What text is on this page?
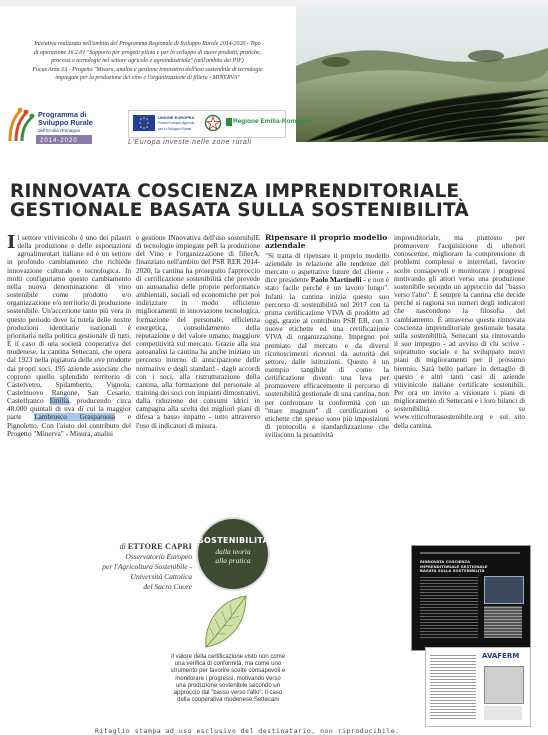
Iniziativa realizzata nell'ambito del Programma Regionale di Sviluppo Rurale 2014-2020 - Tipo
di operazione 16.2.01 "Supporto per progetti pilota e per lo sviluppo di nuovi prodotti, pratiche,
processi e tecnologie nel settore agricolo e agroindustriale" (nell'ambito dei PIF)
Focus Area 3A - Progetto "Misura, analisi e gestione innovativa dell'uso sostenibile di tecnologie
impiegate per la produzione del vino e l'organizzazione di filiera - MINERVA"
Programma di
Sviluppo Rurale
dell'Emilia-Romagna
2014-2020
UNIONE EUROPEA
Fondo Europeo Agricolo per lo Sviluppo Rurale
Regione Emilia-Romagna
L'Europa investe nelle zone rurali
RINNOVATA COSCIENZA IMPRENDITORIALE
GESTIONALE BASATA SULLA SOSTENIBILITÀ

Il settore vitivinicolo è uno dei pilastri della produzione e delle esportazioni agroalimentari italiane ed è un settore in profondo cambiamento che richiede innovazione culturale e tecnologica. In molti configuriamo questo cambiamento nella nuova denominazione di vino sostenibile come prodotto e/o organizzazione e/o territorio di produzione sostenibile. Un'accezione tanto più vera in questo periodo dove la tutela delle nostre produzioni identitarie nazionali è prioritaria nella politica gestionale di tutti. È il caso di una società cooperativa del modenese, la cantina Settecani, che opera dal 1923 nella pigiatura delle uve prodotte dai propri soci. 195 aziende associate che coprono quello splendido territorio di Castelvetro, Spilamberto, Vignola, Castelnuovo Rangone, San Cesario, Castelfranco Emilia, producendo circa 48.000 quintali di uva di cui la maggior parte Lambrusco Grasparossa e Pignoletto. Con l'aiuto del contributo del Progetto "Minerva" - Misura, analisi

e gestione INnovativa dell'uso sostenibilE di tecnologie impiegate peR la produzione del Vino e l'organizzazione di filierA, finanziato nell'ambito del PSR RER 2014-2020, la cantina ha proseguito l'approccio di certificazione sostenibilità che prevede un autoanalisi delle proprie performance ambientali, sociali ed economiche per poi indirizzare in modo efficiente miglioramenti in innovazione tecnologica, formazione del personale, efficienza energetica, consolidamento della reputazione e del valore umano, maggiore competitività sul mercato. Grazie alla sua autoanalisi la cantina ha anche iniziato un percorso interno di anticipazione delle normative e degli standard - dagli accordi con i soci, alla ristrutturazione della cantina, alla formazione del personale al training dei soci con impianti dimostrativi, dalla riduzione dei consumi idrici in campagna alla scelta dei migliori piani di difesa a basso impatto - tutto attraverso l'uso di indicatori di misura.

Ripensare il proprio modello aziendale

"Si tratta di ripensare il proprio modello aziendale in relazione alle tendenze del mercato o aspettative future del cliente - dice presidente Paolo Martinelli - e non è stato facile perché è un lavoro lungo". Infatti la cantina inizia questo suo percorso di sostenibilità nel 2017 con la prima certificazione VIVA di prodotto ad oggi, grazie al contributo PSR ER, con 3 nuove etichette ed una certificazione VIVA di organizzazione. Impegno poi premiato dal mercato e da diversi riconoscimenti ricevuti da autorità del settore, dalle istituzioni. Questo è un esempio tangibile di come la certificazione diventi una leva per promuovere efficacemente il percorso di sostenibilità gestionale di una cantina, non per confrontare la conformità con un "mare magnum" di certificazioni o etichette che spesso sono più imposizioni di protocollo e standardizzazione che sviliscono la proattività

imprenditoriale, ma piuttosto per promuovere l'acquisizione di ulteriori conoscenze, migliorare la comprensione di problemi complessi e interrelati, favorire scelte consapevoli e monitorare i progressi motivando gli attori verso una produzione sostenibile secondo un approccio dal "basso verso l'alto". È sempre la cantina che decide perché si ragiona sui numeri degli indicatori che nascondono la filosofia del cambiamento. È attraverso questa rinnovata coscienza imprenditoriale gestionale basata sulla sostenibilità, Settecani sta rinnovando il suo impegno - ad avviso di chi scrive - soprattutto sociale e ha sviluppato nuovi piani di miglioramenti per il prossimo biennio. Sarà bello parlare in dettaglio di questo e altri tanti casi di aziende vitivinicole italiane certificate sostenibili. Per ora un invito a visionare i piani di miglioramento di Settecani e i loro bilanci di sostenibilità su www.viticolturasostenibile.org e sul sito della cantina.

di ETTORE CAPRI
Osservatorio Europeo
per l'Agricoltura Sostenibile -
Università Cattolica
del Sacro Cuore
SOSTENIBILITÀ
dalla teoria
alla pratica
Il valore della certificazione visto non come una verifica di conformità, ma come uno strumento per favorire scelte consapevoli e monitorare i progressi, motivando verso una produzione sostenibile secondo un approccio dal "basso verso l'alto". Il caso della cooperativa modenese Settecani
RINNOVATA COSCIENZA IMPRENDITORIALE GESTIONALE BASATA SULLA SOSTENIBILITÀ
AVAFERM
Ritaglio stampa ad uso esclusivo del destinatario, non riproducibile.
